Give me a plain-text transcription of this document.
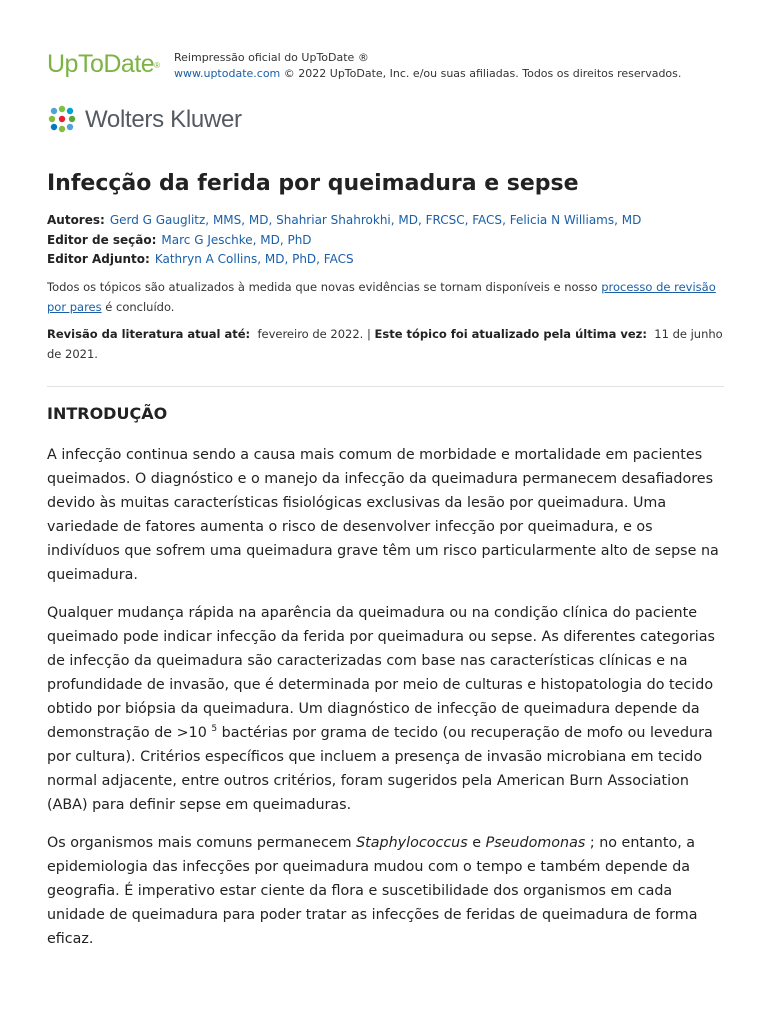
UpToDate®
Reimpressão oficial do UpToDate ®
www.uptodate.com © 2022 UpToDate, Inc. e/ou suas afiliadas. Todos os direitos reservados.
Wolters Kluwer
Infecção da ferida por queimadura e sepse
Autores: Gerd G Gauglitz, MMS, MD, Shahriar Shahrokhi, MD, FRCSC, FACS, Felicia N Williams, MD
Editor de seção: Marc G Jeschke, MD, PhD
Editor Adjunto: Kathryn A Collins, MD, PhD, FACS
Todos os tópicos são atualizados à medida que novas evidências se tornam disponíveis e nosso processo de revisão por pares é concluído.
Revisão da literatura atual até: fevereiro de 2022. | Este tópico foi atualizado pela última vez: 11 de junho de 2021.
INTRODUÇÃO

A infecção continua sendo a causa mais comum de morbidade e mortalidade em pacientes queimados. O diagnóstico e o manejo da infecção da queimadura permanecem desafiadores devido às muitas características fisiológicas exclusivas da lesão por queimadura. Uma variedade de fatores aumenta o risco de desenvolver infecção por queimadura, e os indivíduos que sofrem uma queimadura grave têm um risco particularmente alto de sepse na queimadura.

Qualquer mudança rápida na aparência da queimadura ou na condição clínica do paciente queimado pode indicar infecção da ferida por queimadura ou sepse. As diferentes categorias de infecção da queimadura são caracterizadas com base nas características clínicas e na profundidade de invasão, que é determinada por meio de culturas e histopatologia do tecido obtido por biópsia da queimadura. Um diagnóstico de infecção de queimadura depende da demonstração de >10 $^5$ bactérias por grama de tecido (ou recuperação de mofo ou levedura por cultura). Critérios específicos que incluem a presença de invasão microbiana em tecido normal adjacente, entre outros critérios, foram sugeridos pela American Burn Association (ABA) para definir sepse em queimaduras.

Os organismos mais comuns permanecem Staphylococcus e Pseudomonas ; no entanto, a epidemiologia das infecções por queimadura mudou com o tempo e também depende da geografia. É imperativo estar ciente da flora e suscetibilidade dos organismos em cada unidade de queimadura para poder tratar as infecções de feridas de queimadura de forma eficaz.
